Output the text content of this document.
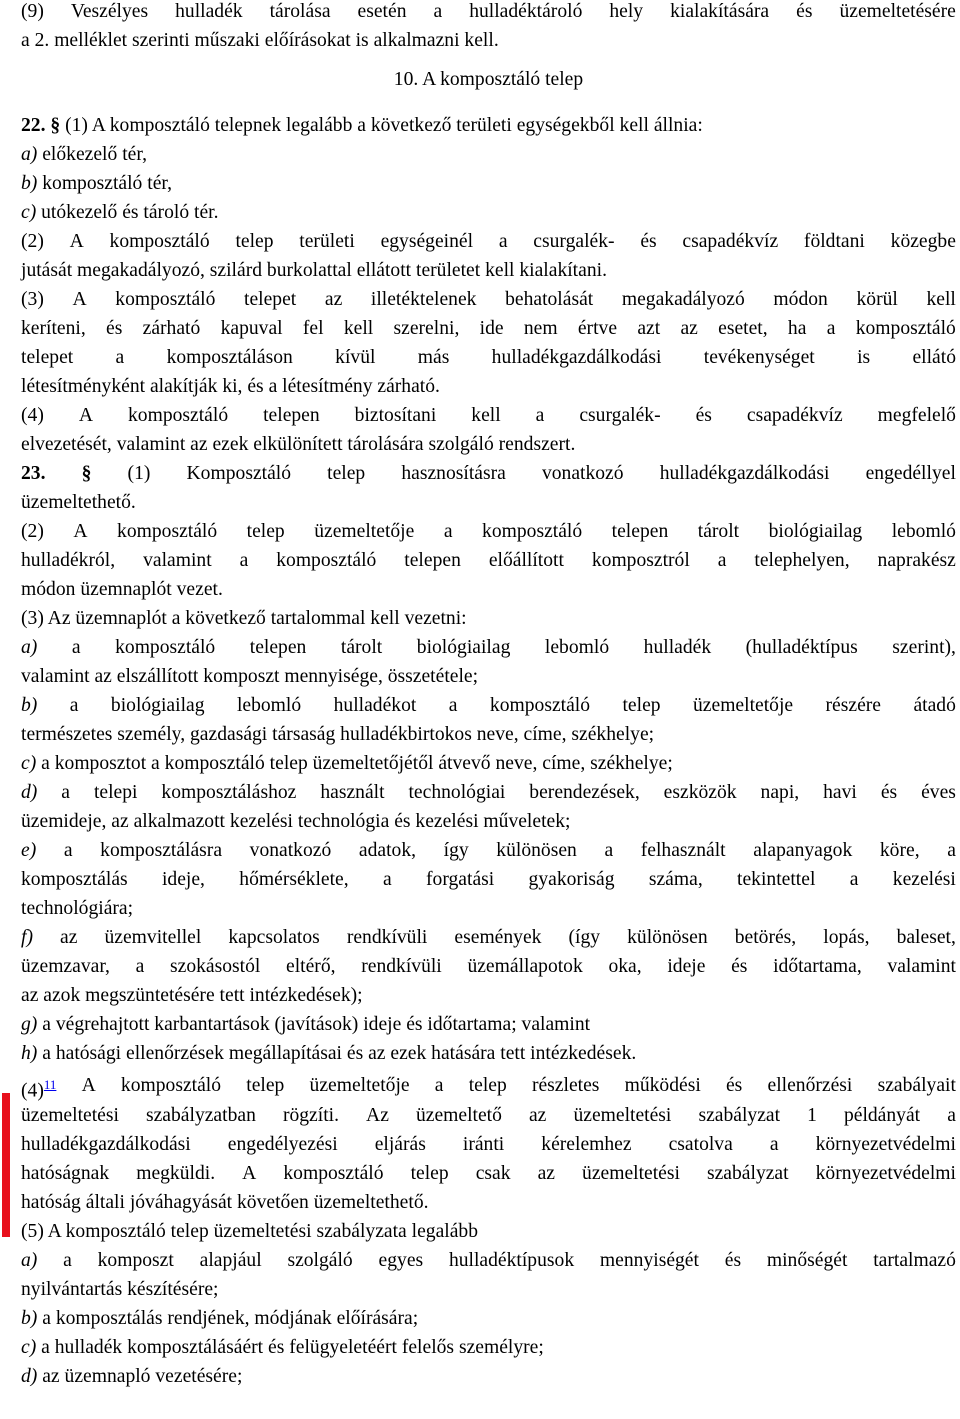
(9) Veszélyes hulladék tárolása esetén a hulladéktároló hely kialakítására és üzemeltetésére
a 2. melléklet szerinti műszaki előírásokat is alkalmazni kell.
10. A komposztáló telep
22. § (1) A komposztáló telepnek legalább a következő területi egységekből kell állnia:
a) előkezelő tér,
b) komposztáló tér,
c) utókezelő és tároló tér.
(2) A komposztáló telep területi egységeinél a csurgalék- és csapadékvíz földtani közegbe
jutását megakadályozó, szilárd burkolattal ellátott területet kell kialakítani.
(3) A komposztáló telepet az illetéktelenek behatolását megakadályozó módon körül kell
keríteni, és zárható kapuval fel kell szerelni, ide nem értve azt az esetet, ha a komposztáló
telepet a komposztáláson kívül más hulladékgazdálkodási tevékenységet is ellátó
létesítményként alakítják ki, és a létesítmény zárható.
(4) A komposztáló telepen biztosítani kell a csurgalék- és csapadékvíz megfelelő
elvezetését, valamint az ezek elkülönített tárolására szolgáló rendszert.
23. § (1) Komposztáló telep hasznosításra vonatkozó hulladékgazdálkodási engedéllyel
üzemeltethető.
(2) A komposztáló telep üzemeltetője a komposztáló telepen tárolt biológiailag lebomló
hulladékról, valamint a komposztáló telepen előállított komposztról a telephelyen, naprakész
módon üzemnaplót vezet.
(3) Az üzemnaplót a következő tartalommal kell vezetni:
a) a komposztáló telepen tárolt biológiailag lebomló hulladék (hulladéktípus szerint),
valamint az elszállított komposzt mennyisége, összetétele;
b) a biológiailag lebomló hulladékot a komposztáló telep üzemeltetője részére átadó
természetes személy, gazdasági társaság hulladékbirtokos neve, címe, székhelye;
c) a komposztot a komposztáló telep üzemeltetőjétől átvevő neve, címe, székhelye;
d) a telepi komposztáláshoz használt technológiai berendezések, eszközök napi, havi és éves
üzemideje, az alkalmazott kezelési technológia és kezelési műveletek;
e) a komposztálásra vonatkozó adatok, így különösen a felhasznált alapanyagok köre, a
komposztálás ideje, hőmérséklete, a forgatási gyakoriság száma, tekintettel a kezelési
technológiára;
f) az üzemvitellel kapcsolatos rendkívüli események (így különösen betörés, lopás, baleset,
üzemzavar, a szokásostól eltérő, rendkívüli üzemállapotok oka, ideje és időtartama, valamint
az azok megszüntetésére tett intézkedések);
g) a végrehajtott karbantartások (javítások) ideje és időtartama; valamint
h) a hatósági ellenőrzések megállapításai és az ezek hatására tett intézkedések.
(4)$^{11}$ A komposztáló telep üzemeltetője a telep részletes működési és ellenőrzési szabályait
üzemeltetési szabályzatban rögzíti. Az üzemeltető az üzemeltetési szabályzat 1 példányát a
hulladékgazdálkodási engedélyezési eljárás iránti kérelemhez csatolva a környezetvédelmi
hatóságnak megküldi. A komposztáló telep csak az üzemeltetési szabályzat környezetvédelmi
hatóság általi jóváhagyását követően üzemeltethető.
(5) A komposztáló telep üzemeltetési szabályzata legalább
a) a komposzt alapjául szolgáló egyes hulladéktípusok mennyiségét és minőségét tartalmazó
nyilvántartás készítésére;
b) a komposztálás rendjének, módjának előírására;
c) a hulladék komposztálásáért és felügyeletéért felelős személyre;
d) az üzemnapló vezetésére;
